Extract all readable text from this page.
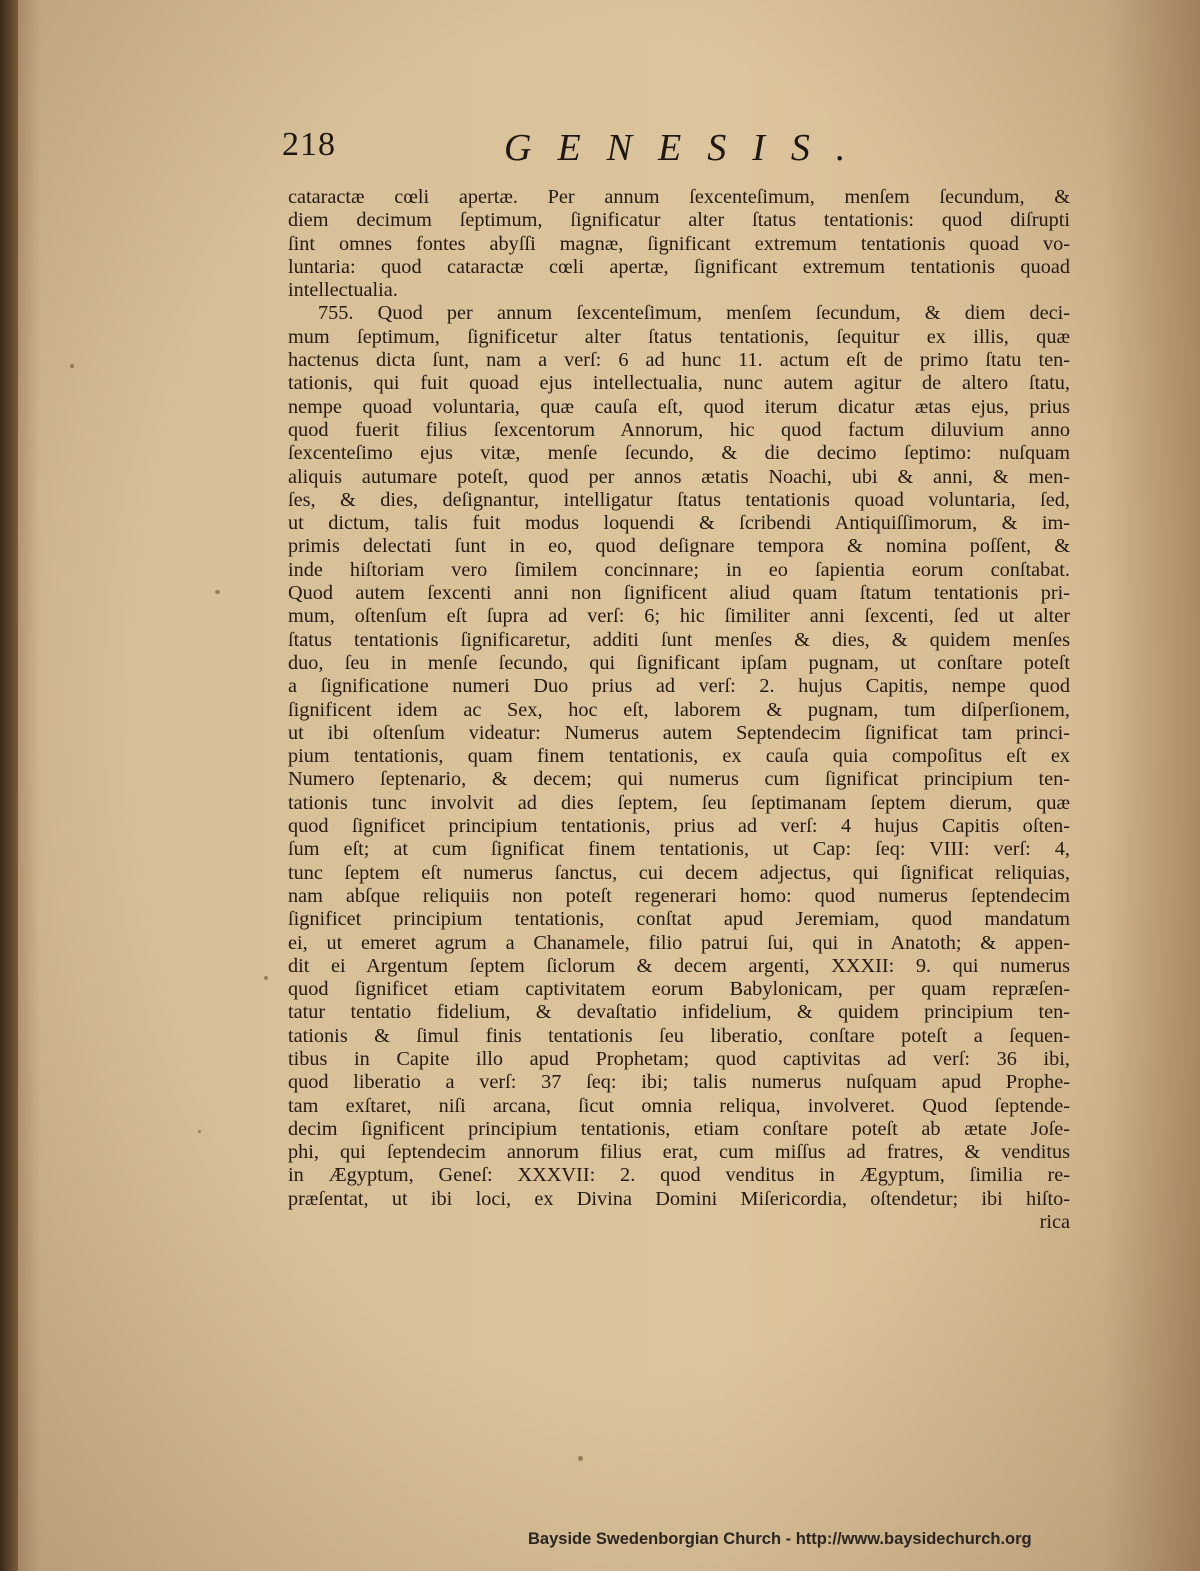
218	GENESIS.
cataractæ cœli apertæ. Per annum ſexcenteſimum, menſem ſecundum, &
diem decimum ſeptimum, ſignificatur alter ſtatus tentationis: quod diſrupti
ſint omnes fontes abyſſi magnæ, ſignificant extremum tentationis quoad vo-
luntaria: quod cataractæ cœli apertæ, ſignificant extremum tentationis quoad
intellectualia.
755. Quod per annum ſexcenteſimum, menſem ſecundum, & diem deci-
mum ſeptimum, ſignificetur alter ſtatus tentationis, ſequitur ex illis, quæ
hactenus dicta ſunt, nam a verſ: 6 ad hunc 11. actum eſt de primo ſtatu ten-
tationis, qui fuit quoad ejus intellectualia, nunc autem agitur de altero ſtatu,
nempe quoad voluntaria, quæ cauſa eſt, quod iterum dicatur ætas ejus, prius
quod fuerit filius ſexcentorum Annorum, hic quod factum diluvium anno
ſexcenteſimo ejus vitæ, menſe ſecundo, & die decimo ſeptimo: nuſquam
aliquis autumare poteſt, quod per annos ætatis Noachi, ubi & anni, & men-
ſes, & dies, deſignantur, intelligatur ſtatus tentationis quoad voluntaria, ſed,
ut dictum, talis fuit modus loquendi & ſcribendi Antiquiſſimorum, & im-
primis delectati ſunt in eo, quod deſignare tempora & nomina poſſent, &
inde hiſtoriam vero ſimilem concinnare; in eo ſapientia eorum conſtabat.
Quod autem ſexcenti anni non ſignificent aliud quam ſtatum tentationis pri-
mum, oſtenſum eſt ſupra ad verſ: 6; hic ſimiliter anni ſexcenti, ſed ut alter
ſtatus tentationis ſignificaretur, additi ſunt menſes & dies, & quidem menſes
duo, ſeu in menſe ſecundo, qui ſignificant ipſam pugnam, ut conſtare poteſt
a ſignificatione numeri Duo prius ad verſ: 2. hujus Capitis, nempe quod
ſignificent idem ac Sex, hoc eſt, laborem & pugnam, tum diſperſionem,
ut ibi oſtenſum videatur: Numerus autem Septendecim ſignificat tam princi-
pium tentationis, quam finem tentationis, ex cauſa quia compoſitus eſt ex
Numero ſeptenario, & decem; qui numerus cum ſignificat principium ten-
tationis tunc involvit ad dies ſeptem, ſeu ſeptimanam ſeptem dierum, quæ
quod ſignificet principium tentationis, prius ad verſ: 4 hujus Capitis oſten-
ſum eſt; at cum ſignificat finem tentationis, ut Cap: ſeq: VIII: verſ: 4,
tunc ſeptem eſt numerus ſanctus, cui decem adjectus, qui ſignificat reliquias,
nam abſque reliquiis non poteſt regenerari homo: quod numerus ſeptendecim
ſignificet principium tentationis, conſtat apud Jeremiam, quod mandatum
ei, ut emeret agrum a Chanamele, filio patrui ſui, qui in Anatoth; & appen-
dit ei Argentum ſeptem ſiclorum & decem argenti, XXXII: 9. qui numerus
quod ſignificet etiam captivitatem eorum Babylonicam, per quam repræſen-
tatur tentatio fidelium, & devaſtatio infidelium, & quidem principium ten-
tationis & ſimul finis tentationis ſeu liberatio, conſtare poteſt a ſequen-
tibus in Capite illo apud Prophetam; quod captivitas ad verſ: 36 ibi,
quod liberatio a verſ: 37 ſeq: ibi; talis numerus nuſquam apud Prophe-
tam exſtaret, niſi arcana, ſicut omnia reliqua, involveret. Quod ſeptende-
decim ſignificent principium tentationis, etiam conſtare poteſt ab ætate Joſe-
phi, qui ſeptendecim annorum filius erat, cum miſſus ad fratres, & venditus
in Ægyptum, Geneſ: XXXVII: 2. quod venditus in Ægyptum, ſimilia re-
præſentat, ut ibi loci, ex Divina Domini Miſericordia, oſtendetur; ibi hiſto-
rica
Bayside Swedenborgian Church - http://www.baysidechurch.org
